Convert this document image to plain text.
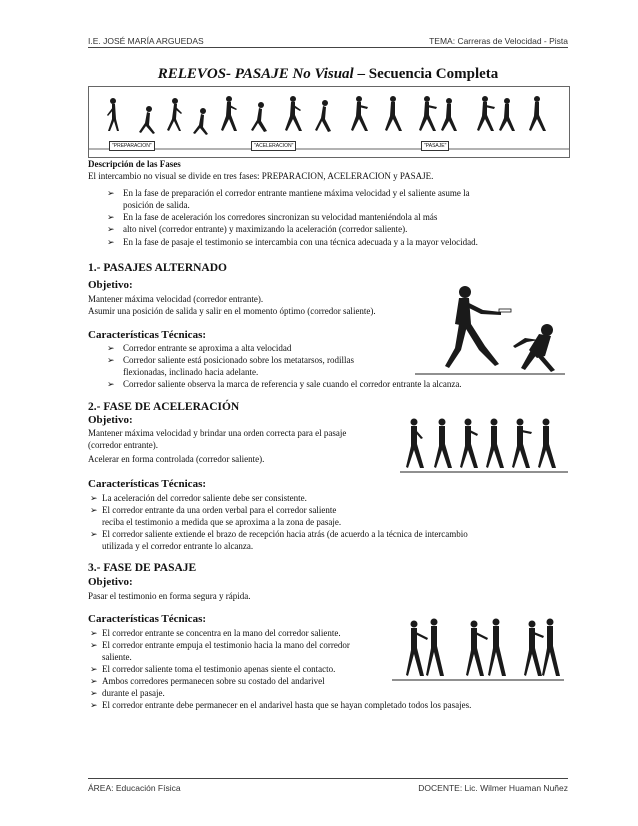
I.E. JOSÉ MARÍA ARGUEDAS	TEMA: Carreras de Velocidad - Pista
RELEVOS- PASAJE No Visual – Secuencia Completa
"PREPARACION"	"ACELERACION"	"PASAJE"
Descripción de las Fases
El intercambio no visual se divide en tres fases: PREPARACION, ACELERACION y PASAJE.
➢ En la fase de preparación el corredor entrante mantiene máxima velocidad y el saliente asume la
posición de salida.
➢ En la fase de aceleración los corredores sincronizan su velocidad manteniéndola al más
➢ alto nivel (corredor entrante) y maximizando la aceleración (corredor saliente).
➢ En la fase de pasaje el testimonio se intercambia con una técnica adecuada y a la mayor velocidad.
1.- PASAJES ALTERNADO
Objetivo:
Mantener máxima velocidad (corredor entrante).
Asumir una posición de salida y salir en el momento óptimo (corredor saliente).
Características Técnicas:
➢ Corredor entrante se aproxima a alta velocidad
➢ Corredor saliente está posicionado sobre los metatarsos, rodillas
flexionadas, inclinado hacia adelante.
➢ Corredor saliente observa la marca de referencia y sale cuando el corredor entrante la alcanza.
2.- FASE DE ACELERACIÓN
Objetivo:
Mantener máxima velocidad y brindar una orden correcta para el pasaje
(corredor entrante).
Acelerar en forma controlada (corredor saliente).
Características Técnicas:
➢ La aceleración del corredor saliente debe ser consistente.
➢ El corredor entrante da una orden verbal para el corredor saliente
reciba el testimonio a medida que se aproxima a la zona de pasaje.
➢ El corredor saliente extiende el brazo de recepción hacia atrás (de acuerdo a la técnica de intercambio
utilizada y el corredor entrante lo alcanza.
3.- FASE DE PASAJE
Objetivo:
Pasar el testimonio en forma segura y rápida.
Características Técnicas:
➢ El corredor entrante se concentra en la mano del corredor saliente.
➢ El corredor entrante empuja el testimonio hacia la mano del corredor
saliente.
➢ El corredor saliente toma el testimonio apenas siente el contacto.
➢ Ambos corredores permanecen sobre su costado del andarivel
➢ durante el pasaje.
➢ El corredor entrante debe permanecer en el andarivel hasta que se hayan completado todos los pasajes.
ÁREA: Educación Física	DOCENTE: Lic. Wilmer Huaman Nuñez
